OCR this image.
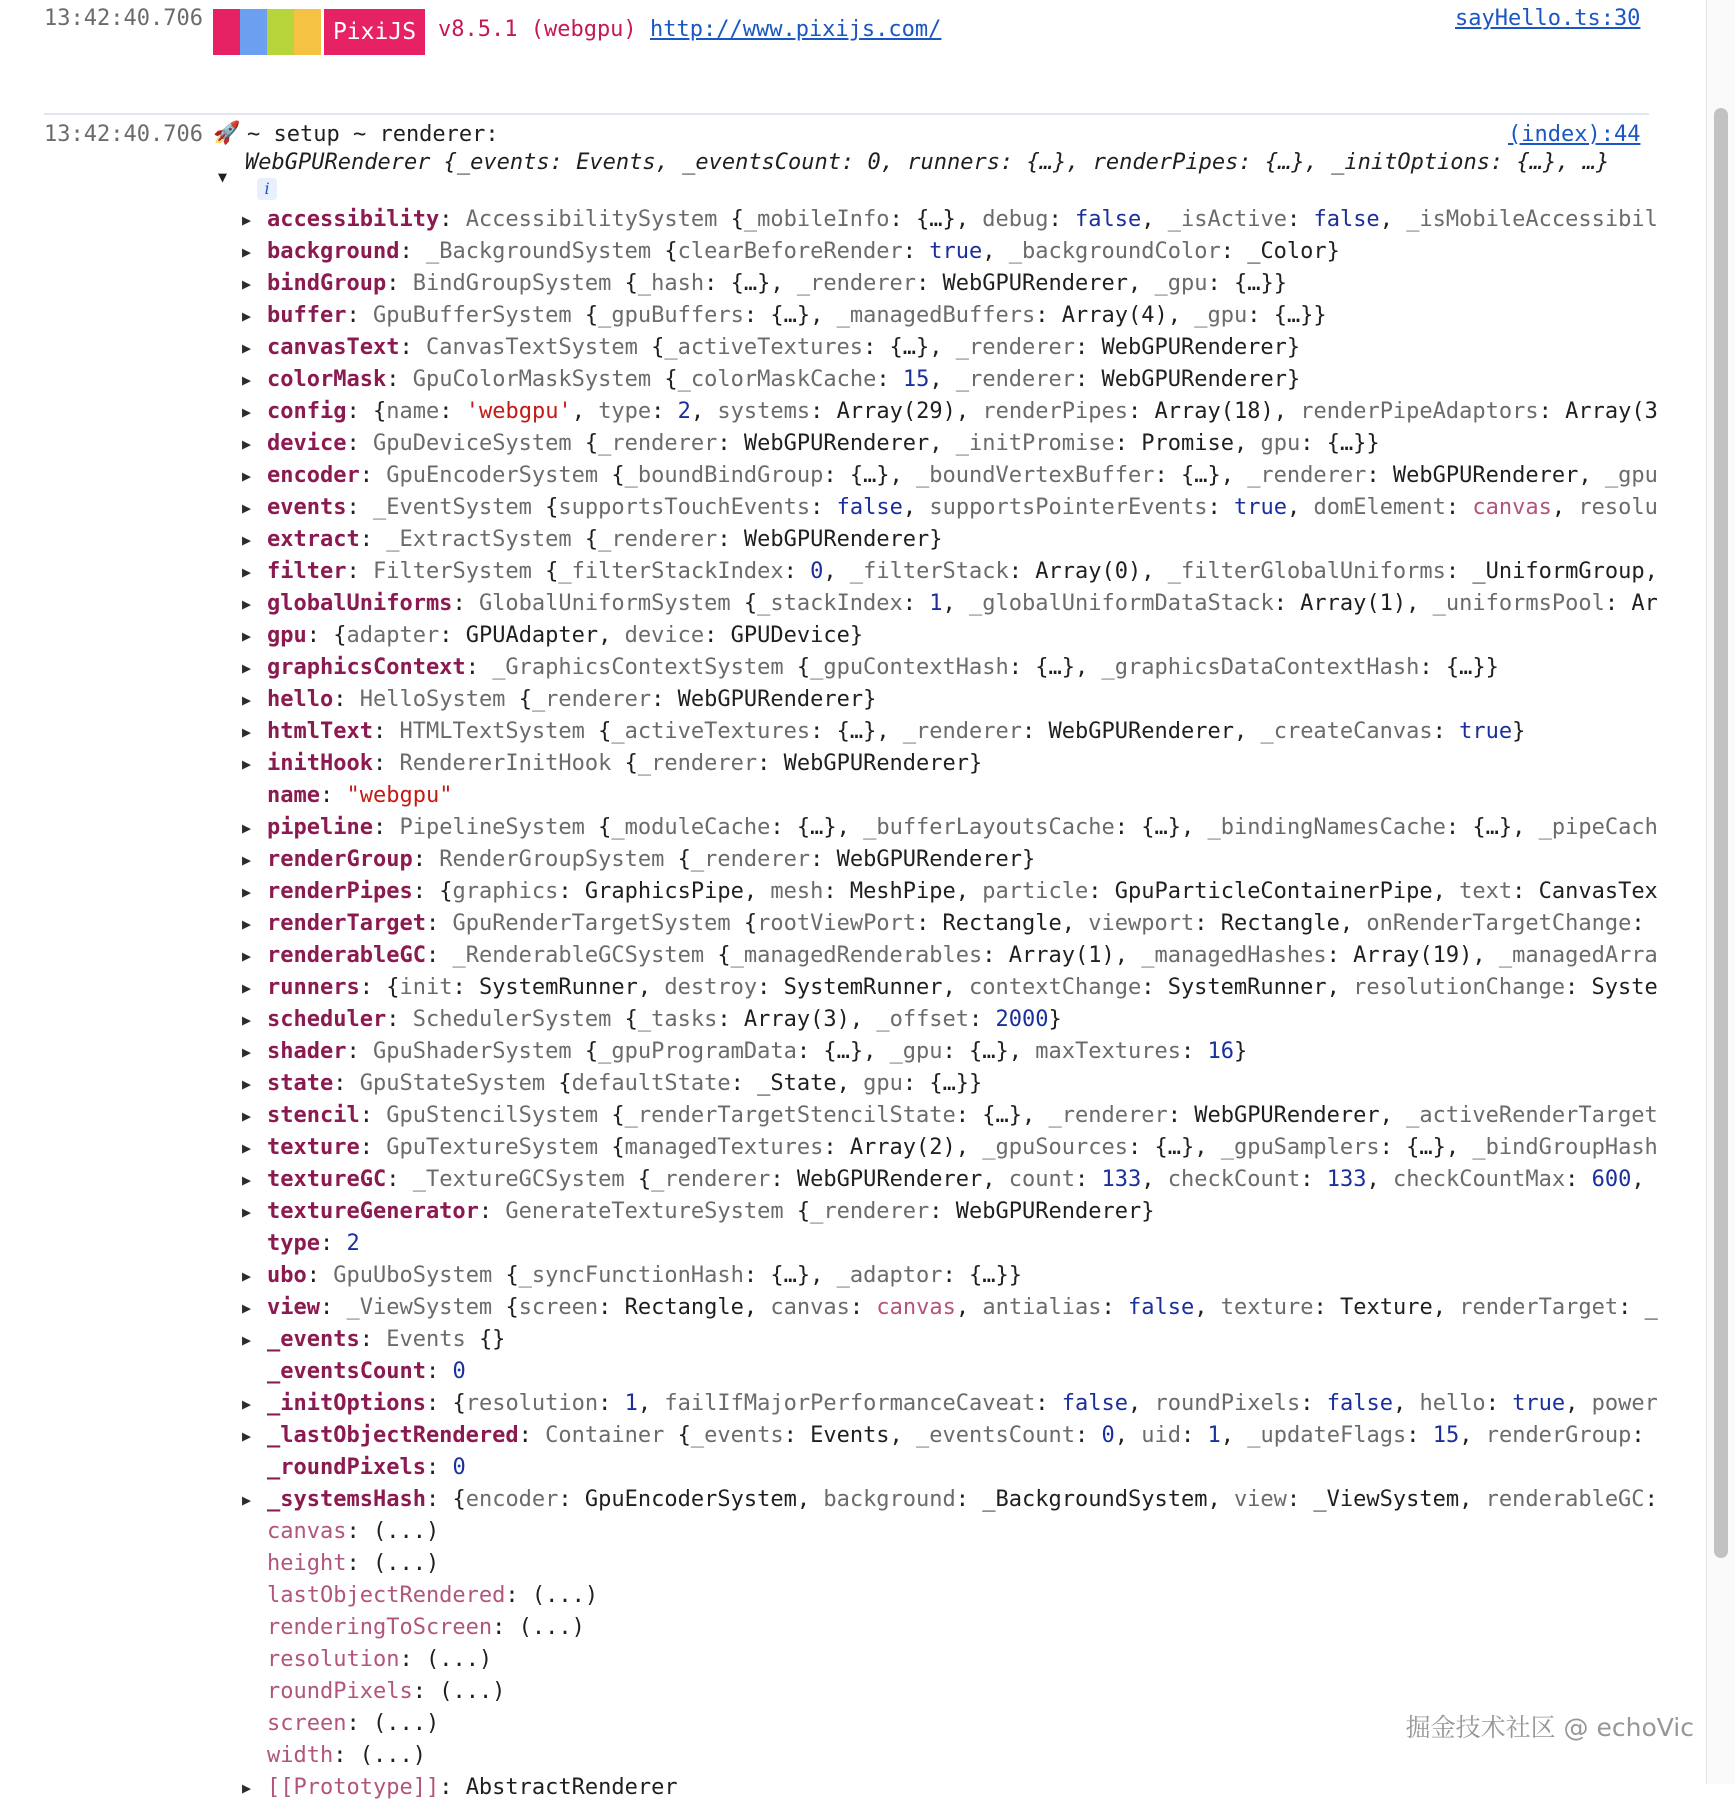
13:42:40.706
PixiJS v8.5.1 (webgpu) http://www.pixijs.com/	sayHello.ts:30
13:42:40.706 🚀 ~ setup ~ renderer:	(index):44
▼
WebGPURenderer {_events: Events, _eventsCount: 0, runners: {…}, renderPipes: {…}, _initOptions: {…}, …}
i
▶ accessibility: AccessibilitySystem {_mobileInfo: {…}, debug: false, _isActive: false, _isMobileAccessibil
▶ background: _BackgroundSystem {clearBeforeRender: true, _backgroundColor: _Color}
▶ bindGroup: BindGroupSystem {_hash: {…}, _renderer: WebGPURenderer, _gpu: {…}}
▶ buffer: GpuBufferSystem {_gpuBuffers: {…}, _managedBuffers: Array(4), _gpu: {…}}
▶ canvasText: CanvasTextSystem {_activeTextures: {…}, _renderer: WebGPURenderer}
▶ colorMask: GpuColorMaskSystem {_colorMaskCache: 15, _renderer: WebGPURenderer}
▶ config: {name: 'webgpu', type: 2, systems: Array(29), renderPipes: Array(18), renderPipeAdaptors: Array(3
▶ device: GpuDeviceSystem {_renderer: WebGPURenderer, _initPromise: Promise, gpu: {…}}
▶ encoder: GpuEncoderSystem {_boundBindGroup: {…}, _boundVertexBuffer: {…}, _renderer: WebGPURenderer, _gpu
▶ events: _EventSystem {supportsTouchEvents: false, supportsPointerEvents: true, domElement: canvas, resolu
▶ extract: _ExtractSystem {_renderer: WebGPURenderer}
▶ filter: FilterSystem {_filterStackIndex: 0, _filterStack: Array(0), _filterGlobalUniforms: _UniformGroup,
▶ globalUniforms: GlobalUniformSystem {_stackIndex: 1, _globalUniformDataStack: Array(1), _uniformsPool: Ar
▶ gpu: {adapter: GPUAdapter, device: GPUDevice}
▶ graphicsContext: _GraphicsContextSystem {_gpuContextHash: {…}, _graphicsDataContextHash: {…}}
▶ hello: HelloSystem {_renderer: WebGPURenderer}
▶ htmlText: HTMLTextSystem {_activeTextures: {…}, _renderer: WebGPURenderer, _createCanvas: true}
▶ initHook: RendererInitHook {_renderer: WebGPURenderer}
name: "webgpu"
▶ pipeline: PipelineSystem {_moduleCache: {…}, _bufferLayoutsCache: {…}, _bindingNamesCache: {…}, _pipeCach
▶ renderGroup: RenderGroupSystem {_renderer: WebGPURenderer}
▶ renderPipes: {graphics: GraphicsPipe, mesh: MeshPipe, particle: GpuParticleContainerPipe, text: CanvasTex
▶ renderTarget: GpuRenderTargetSystem {rootViewPort: Rectangle, viewport: Rectangle, onRenderTargetChange:
▶ renderableGC: _RenderableGCSystem {_managedRenderables: Array(1), _managedHashes: Array(19), _managedArra
▶ runners: {init: SystemRunner, destroy: SystemRunner, contextChange: SystemRunner, resolutionChange: Syste
▶ scheduler: SchedulerSystem {_tasks: Array(3), _offset: 2000}
▶ shader: GpuShaderSystem {_gpuProgramData: {…}, _gpu: {…}, maxTextures: 16}
▶ state: GpuStateSystem {defaultState: _State, gpu: {…}}
▶ stencil: GpuStencilSystem {_renderTargetStencilState: {…}, _renderer: WebGPURenderer, _activeRenderTarget
▶ texture: GpuTextureSystem {managedTextures: Array(2), _gpuSources: {…}, _gpuSamplers: {…}, _bindGroupHash
▶ textureGC: _TextureGCSystem {_renderer: WebGPURenderer, count: 133, checkCount: 133, checkCountMax: 600,
▶ textureGenerator: GenerateTextureSystem {_renderer: WebGPURenderer}
type: 2
▶ ubo: GpuUboSystem {_syncFunctionHash: {…}, _adaptor: {…}}
▶ view: _ViewSystem {screen: Rectangle, canvas: canvas, antialias: false, texture: Texture, renderTarget: _
▶ _events: Events {}
_eventsCount: 0
▶ _initOptions: {resolution: 1, failIfMajorPerformanceCaveat: false, roundPixels: false, hello: true, power
▶ _lastObjectRendered: Container {_events: Events, _eventsCount: 0, uid: 1, _updateFlags: 15, renderGroup:
_roundPixels: 0
▶ _systemsHash: {encoder: GpuEncoderSystem, background: _BackgroundSystem, view: _ViewSystem, renderableGC:
canvas: (...)
height: (...)
lastObjectRendered: (...)
renderingToScreen: (...)
resolution: (...)
roundPixels: (...)
screen: (...)
width: (...)
▶ [[Prototype]]: AbstractRenderer
掘金技术社区 @ echoVic
